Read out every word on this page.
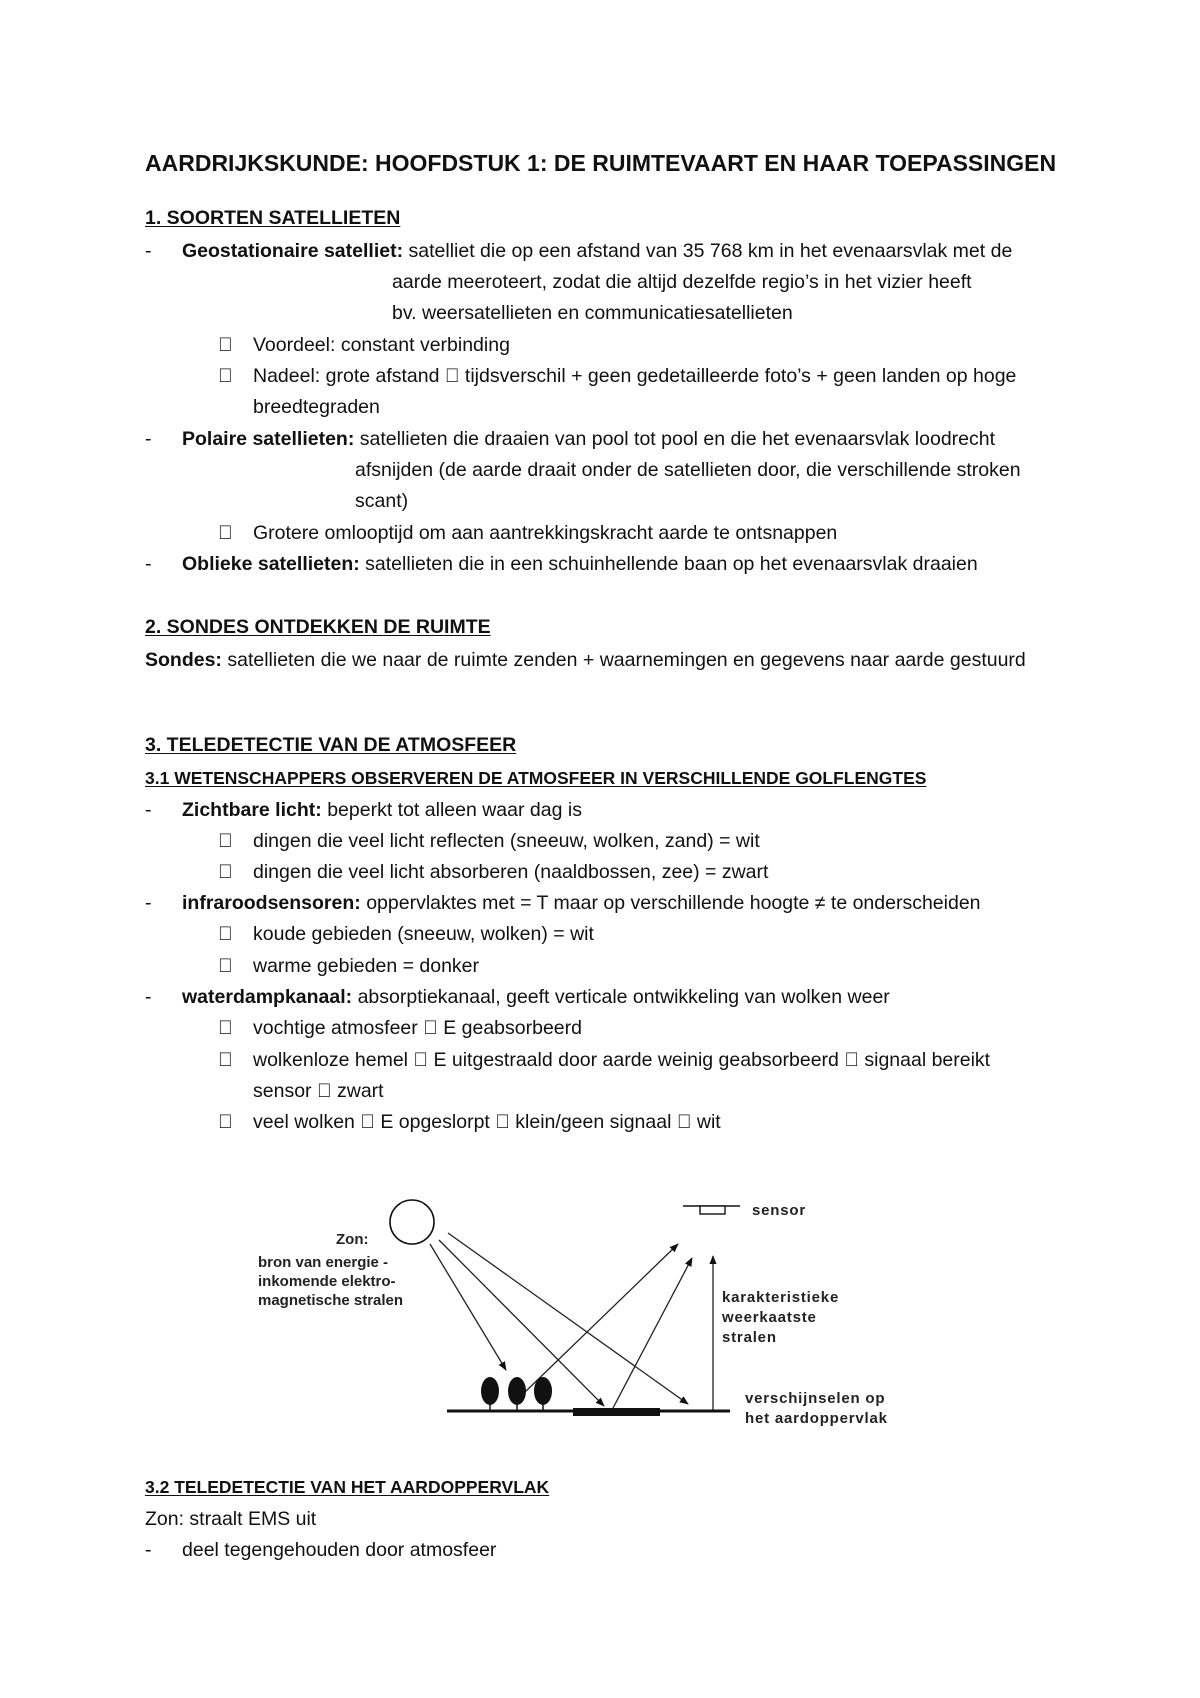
AARDRIJKSKUNDE: HOOFDSTUK 1: DE RUIMTEVAART EN HAAR TOEPASSINGEN
1. SOORTEN SATELLIETEN
- Geostationaire satelliet: satelliet die op een afstand van 35 768 km in het evenaarsvlak met de
aarde meeroteert, zodat die altijd dezelfde regio’s in het vizier heeft
bv. weersatellieten en communicatiesatellieten
Voordeel: constant verbinding
Nadeel: grote afstand tijdsverschil + geen gedetailleerde foto’s + geen landen op hoge
breedtegraden
- Polaire satellieten: satellieten die draaien van pool tot pool en die het evenaarsvlak loodrecht
afsnijden (de aarde draait onder de satellieten door, die verschillende stroken
scant)
Grotere omlooptijd om aan aantrekkingskracht aarde te ontsnappen
- Oblieke satellieten: satellieten die in een schuinhellende baan op het evenaarsvlak draaien
2. SONDES ONTDEKKEN DE RUIMTE
Sondes: satellieten die we naar de ruimte zenden + waarnemingen en gegevens naar aarde gestuurd
3. TELEDETECTIE VAN DE ATMOSFEER
3.1 WETENSCHAPPERS OBSERVEREN DE ATMOSFEER IN VERSCHILLENDE GOLFLENGTES
- Zichtbare licht: beperkt tot alleen waar dag is
dingen die veel licht reflecten (sneeuw, wolken, zand) = wit
dingen die veel licht absorberen (naaldbossen, zee) = zwart
- infraroodsensoren: oppervlaktes met = T maar op verschillende hoogte ≠ te onderscheiden
koude gebieden (sneeuw, wolken) = wit
warme gebieden = donker
- waterdampkanaal: absorptiekanaal, geeft verticale ontwikkeling van wolken weer
vochtige atmosfeer E geabsorbeerd
wolkenloze hemel E uitgestraald door aarde weinig geabsorbeerd signaal bereikt
sensor zwart
veel wolken E opgeslorpt klein/geen signaal wit
Zon:
bron van energie -
inkomende elektro-
magnetische stralen
sensor
karakteristieke
weerkaatste
stralen
verschijnselen op
het aardoppervlak
3.2 TELEDETECTIE VAN HET AARDOPPERVLAK
Zon: straalt EMS uit
- deel tegengehouden door atmosfeer
